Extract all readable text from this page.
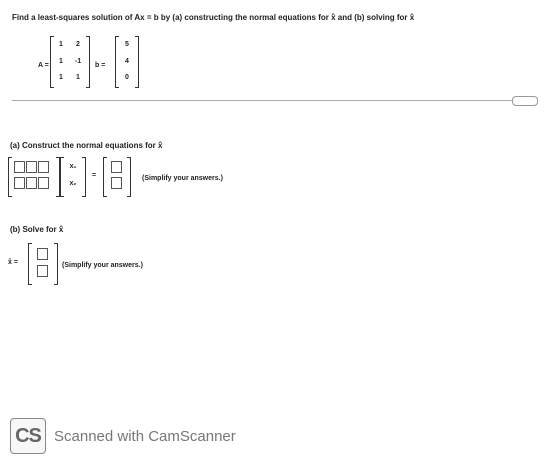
Find a least-squares solution of Ax = b by (a) constructing the normal equations for x̂ and (b) solving for x̂
A =
1	2
1	-1
1	1
b =
5
4
0
(a) Construct the normal equations for x̂
x₁
x₂
=	(Simplify your answers.)
(b) Solve for x̂
x̂ =	(Simplify your answers.)
CS Scanned with CamScanner
